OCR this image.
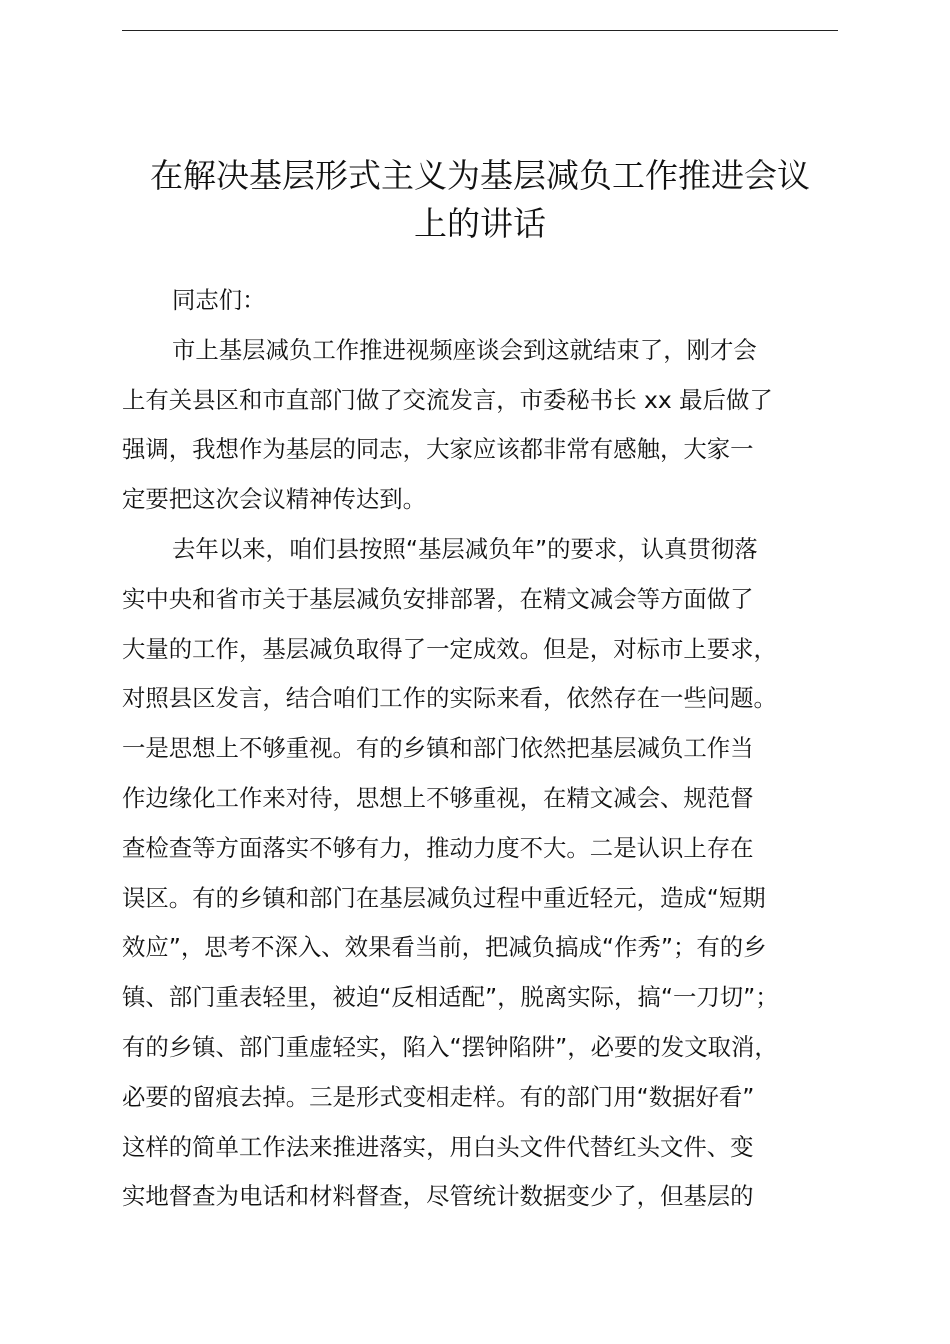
在解决基层形式主义为基层减负工作推进会议
上的讲话
同志们：
市上基层减负工作推进视频座谈会到这就结束了，刚才会
上有关县区和市直部门做了交流发言，市委秘书长 xx 最后做了
强调，我想作为基层的同志，大家应该都非常有感触，大家一
定要把这次会议精神传达到。
去年以来，咱们县按照“基层减负年”的要求，认真贯彻落
实中央和省市关于基层减负安排部署，在精文减会等方面做了
大量的工作，基层减负取得了一定成效。但是，对标市上要求，
对照县区发言，结合咱们工作的实际来看，依然存在一些问题。
一是思想上不够重视。有的乡镇和部门依然把基层减负工作当
作边缘化工作来对待，思想上不够重视，在精文减会、规范督
查检查等方面落实不够有力，推动力度不大。二是认识上存在
误区。有的乡镇和部门在基层减负过程中重近轻元，造成“短期
效应”，思考不深入、效果看当前，把减负搞成“作秀”；有的乡
镇、部门重表轻里，被迫“反相适配”，脱离实际，搞“一刀切”；
有的乡镇、部门重虚轻实，陷入“摆钟陷阱”，必要的发文取消，
必要的留痕去掉。三是形式变相走样。有的部门用“数据好看”
这样的简单工作法来推进落实，用白头文件代替红头文件、变
实地督查为电话和材料督查，尽管统计数据变少了，但基层的
